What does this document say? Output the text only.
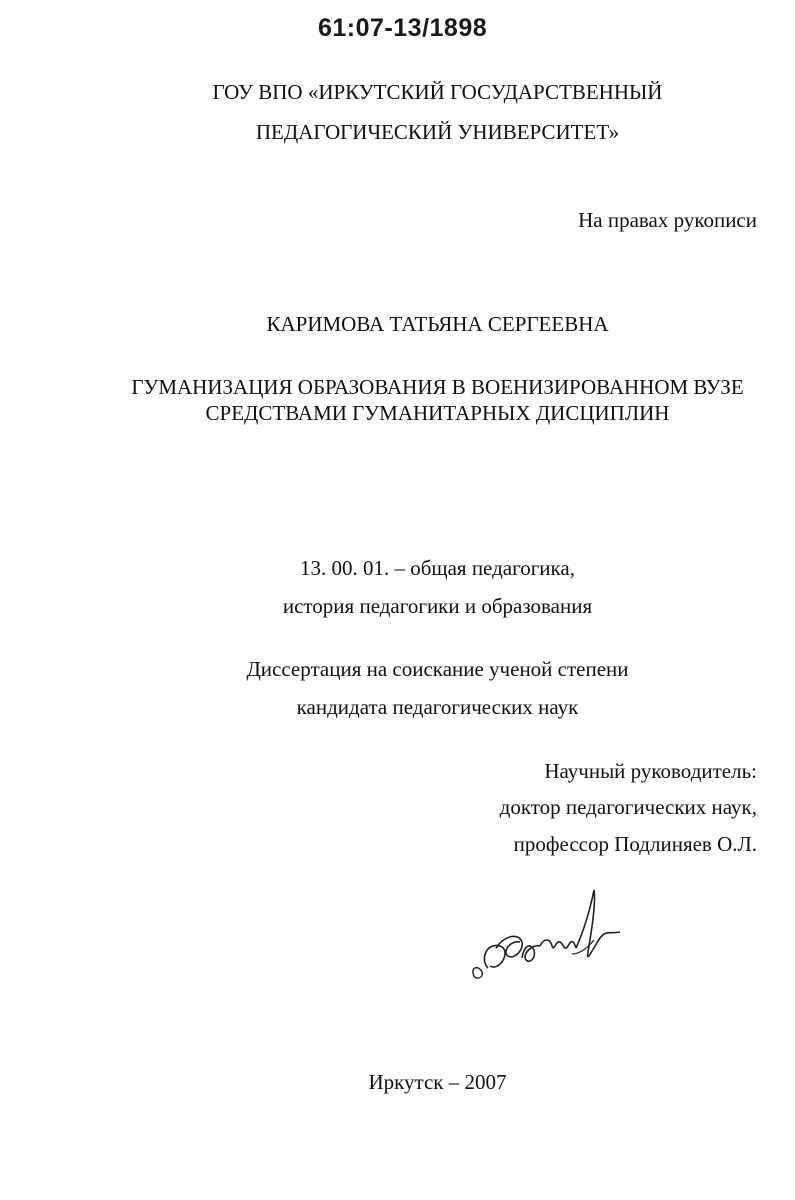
61:07-13/1898
ГОУ ВПО «ИРКУТСКИЙ ГОСУДАРСТВЕННЫЙ
ПЕДАГОГИЧЕСКИЙ УНИВЕРСИТЕТ»
На правах рукописи
КАРИМОВА ТАТЬЯНА СЕРГЕЕВНА
ГУМАНИЗАЦИЯ ОБРАЗОВАНИЯ В ВОЕНИЗИРОВАННОМ ВУЗЕ
СРЕДСТВАМИ ГУМАНИТАРНЫХ ДИСЦИПЛИН
13. 00. 01. – общая педагогика,
история педагогики и образования
Диссертация на соискание ученой степени
кандидата педагогических наук
Научный руководитель:
доктор педагогических наук,
профессор Подлиняев О.Л.
Иркутск – 2007
